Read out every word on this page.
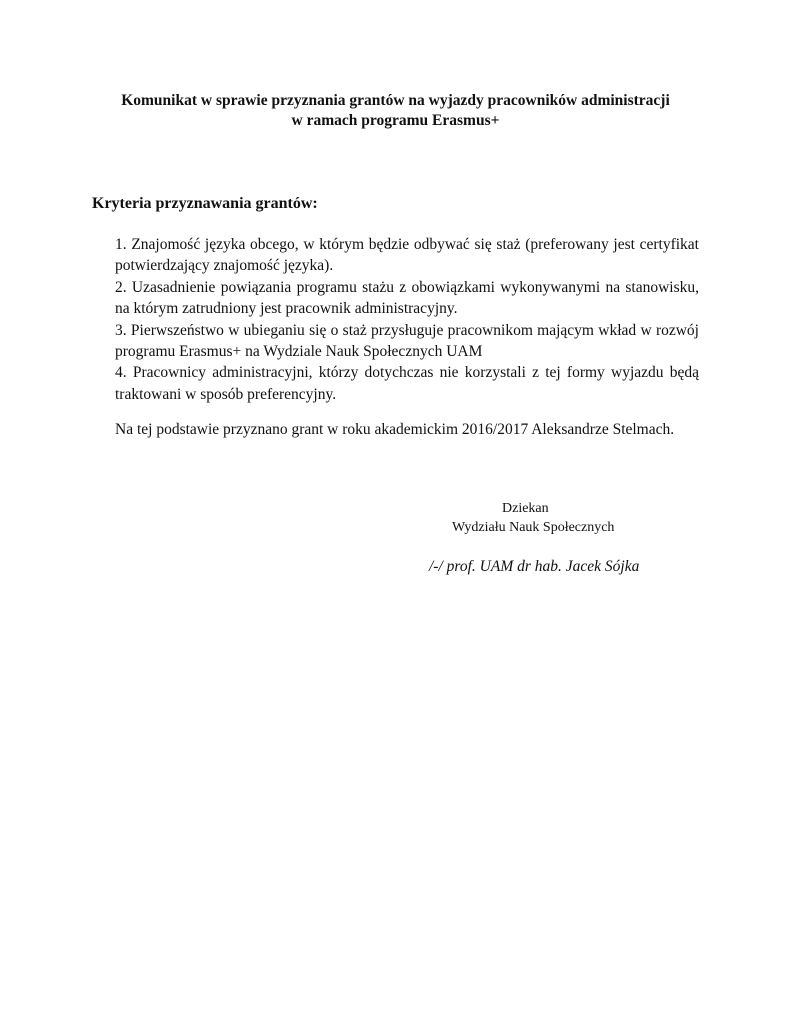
Komunikat w sprawie przyznania grantów na wyjazdy pracowników administracji
w ramach programu Erasmus+
Kryteria przyznawania grantów:

1. Znajomość języka obcego, w którym będzie odbywać się staż (preferowany jest certyfikat potwierdzający znajomość języka).

2. Uzasadnienie powiązania programu stażu z obowiązkami wykonywanymi na stanowisku, na którym zatrudniony jest pracownik administracyjny.

3. Pierwszeństwo w ubieganiu się o staż przysługuje pracownikom mającym wkład w rozwój programu Erasmus+ na Wydziale Nauk Społecznych UAM

4. Pracownicy administracyjni, którzy dotychczas nie korzystali z tej formy wyjazdu będą traktowani w sposób preferencyjny.

Na tej podstawie przyznano grant w roku akademickim 2016/2017 Aleksandrze Stelmach.
Dziekan
Wydziału Nauk Społecznych
/-/ prof. UAM dr hab. Jacek Sójka
